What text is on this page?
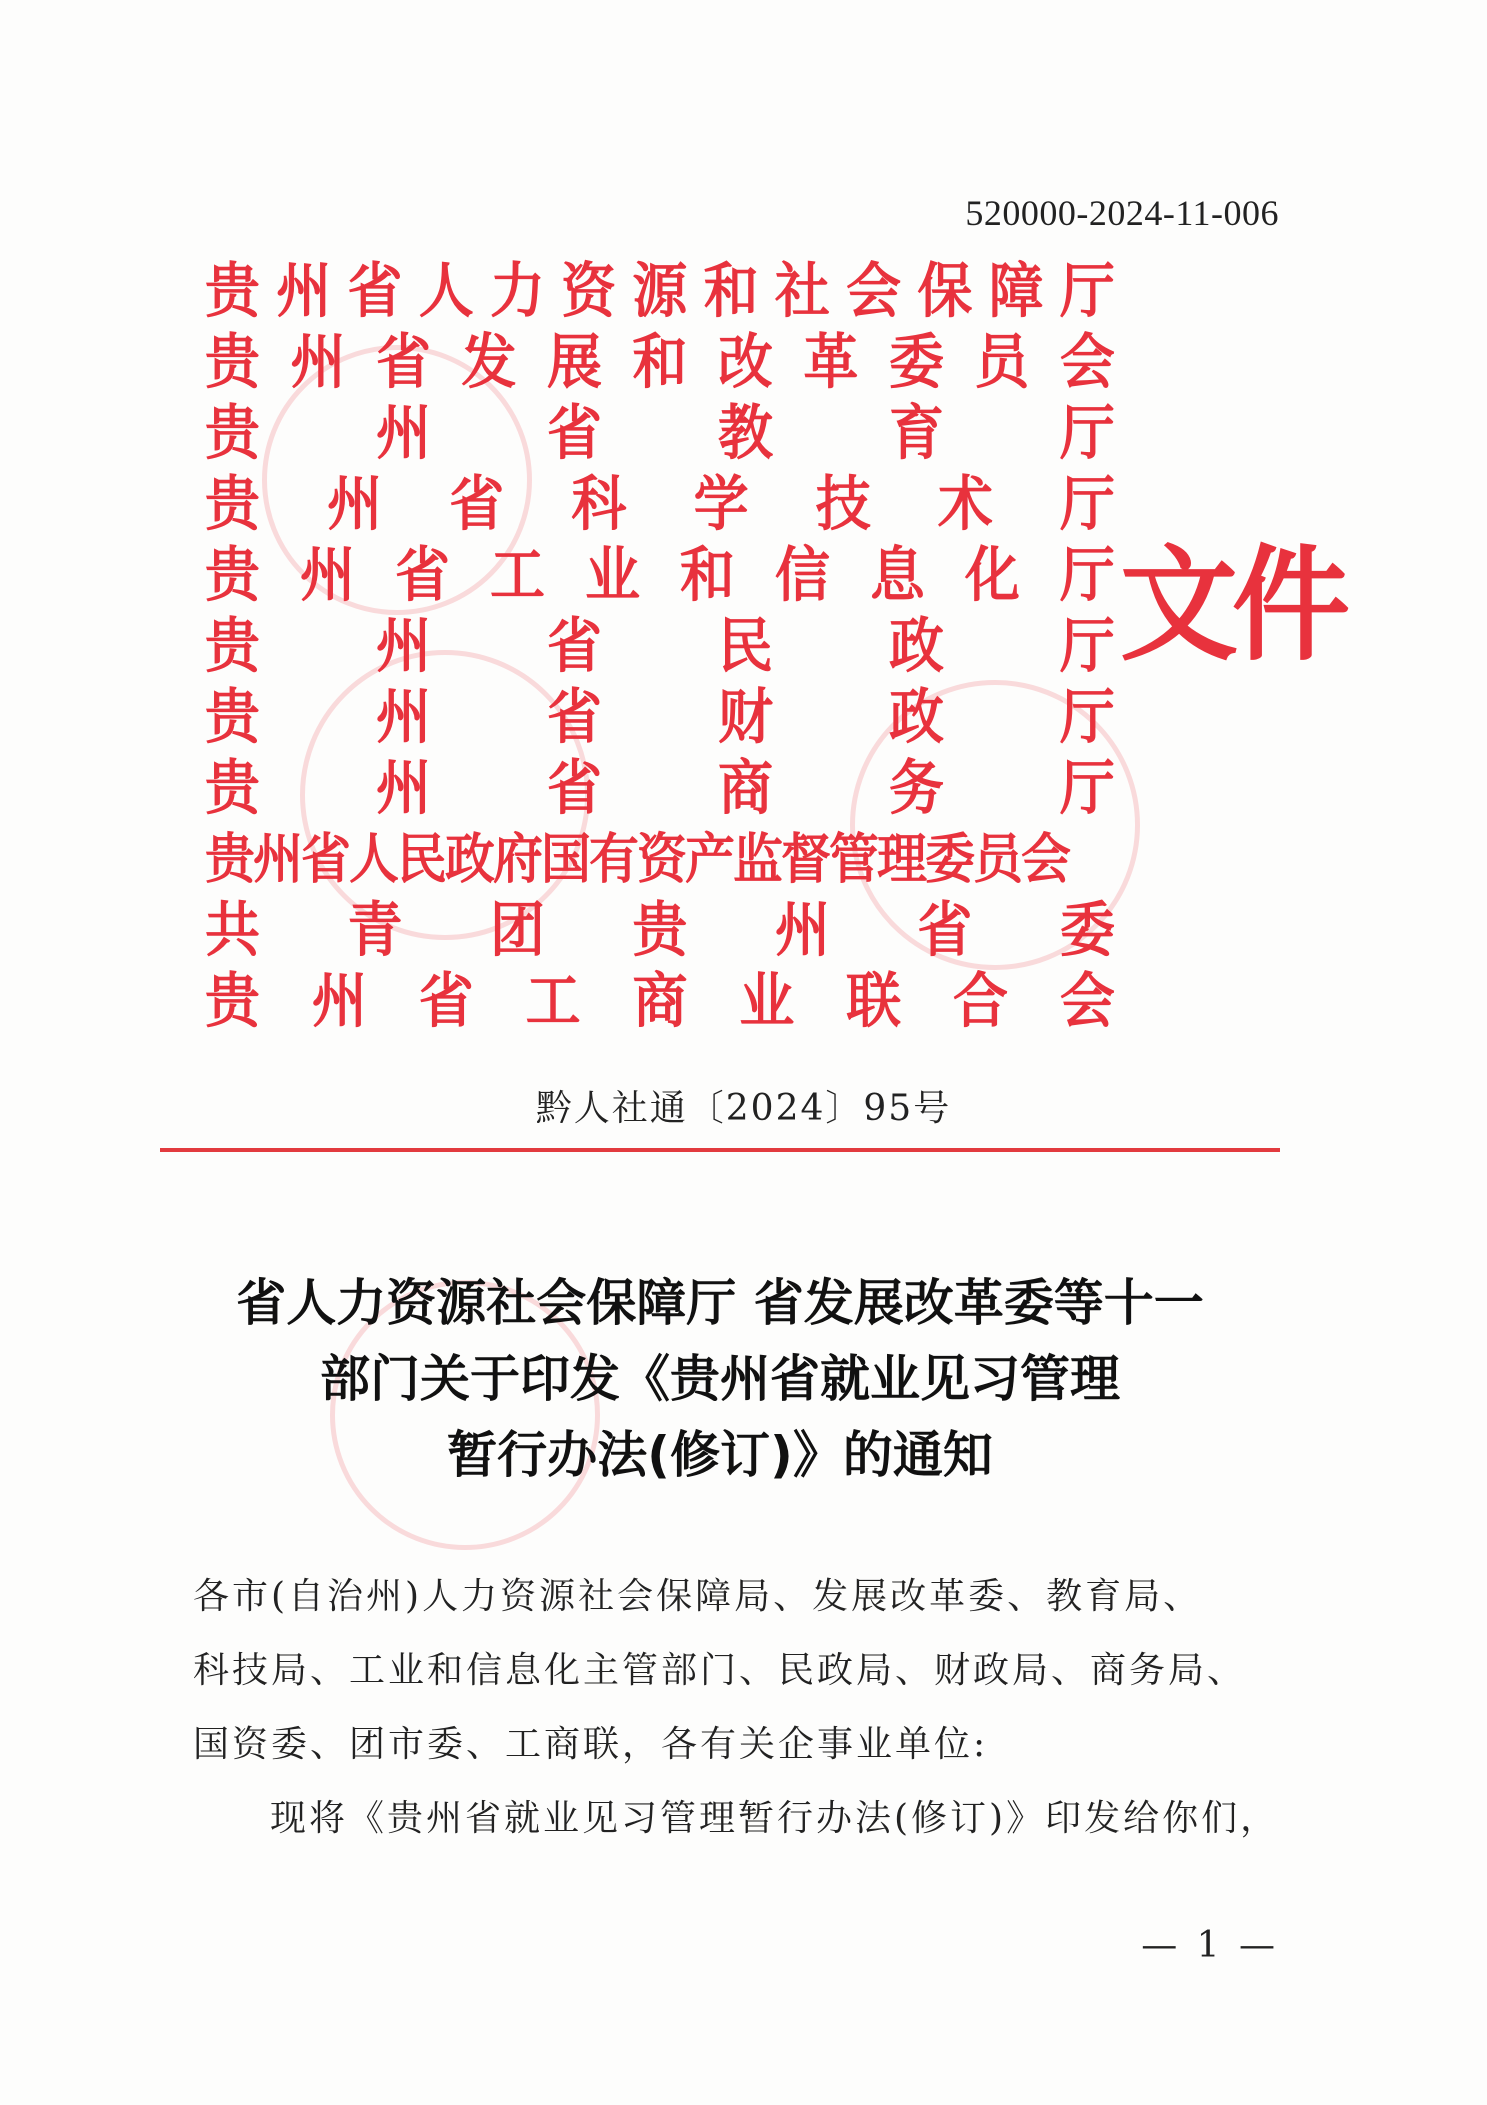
520000-2024-11-006
贵 州 省 人 力 资 源 和 社 会 保 障 厅
贵 州 省 发 展 和 改 革 委 员 会
贵 州 省 教 育 厅
贵 州 省 科 学 技 术 厅
贵 州 省 工 业 和 信 息 化 厅
贵 州 省 民 政 厅
贵 州 省 财 政 厅
贵 州 省 商 务 厅
贵州省人民政府国有资产监督管理委员会
共 青 团 贵 州 省 委
贵 州 省 工 商 业 联 合 会
文件
黔人社通〔2024〕95号
省人力资源社会保障厅 省发展改革委等十一
部门关于印发《贵州省就业见习管理
暂行办法(修订)》的通知
各市(自治州)人力资源社会保障局、发展改革委、教育局、
科技局、工业和信息化主管部门、民政局、财政局、商务局、
国资委、团市委、工商联，各有关企事业单位:
现将《贵州省就业见习管理暂行办法(修订)》印发给你们，
— 1 —
